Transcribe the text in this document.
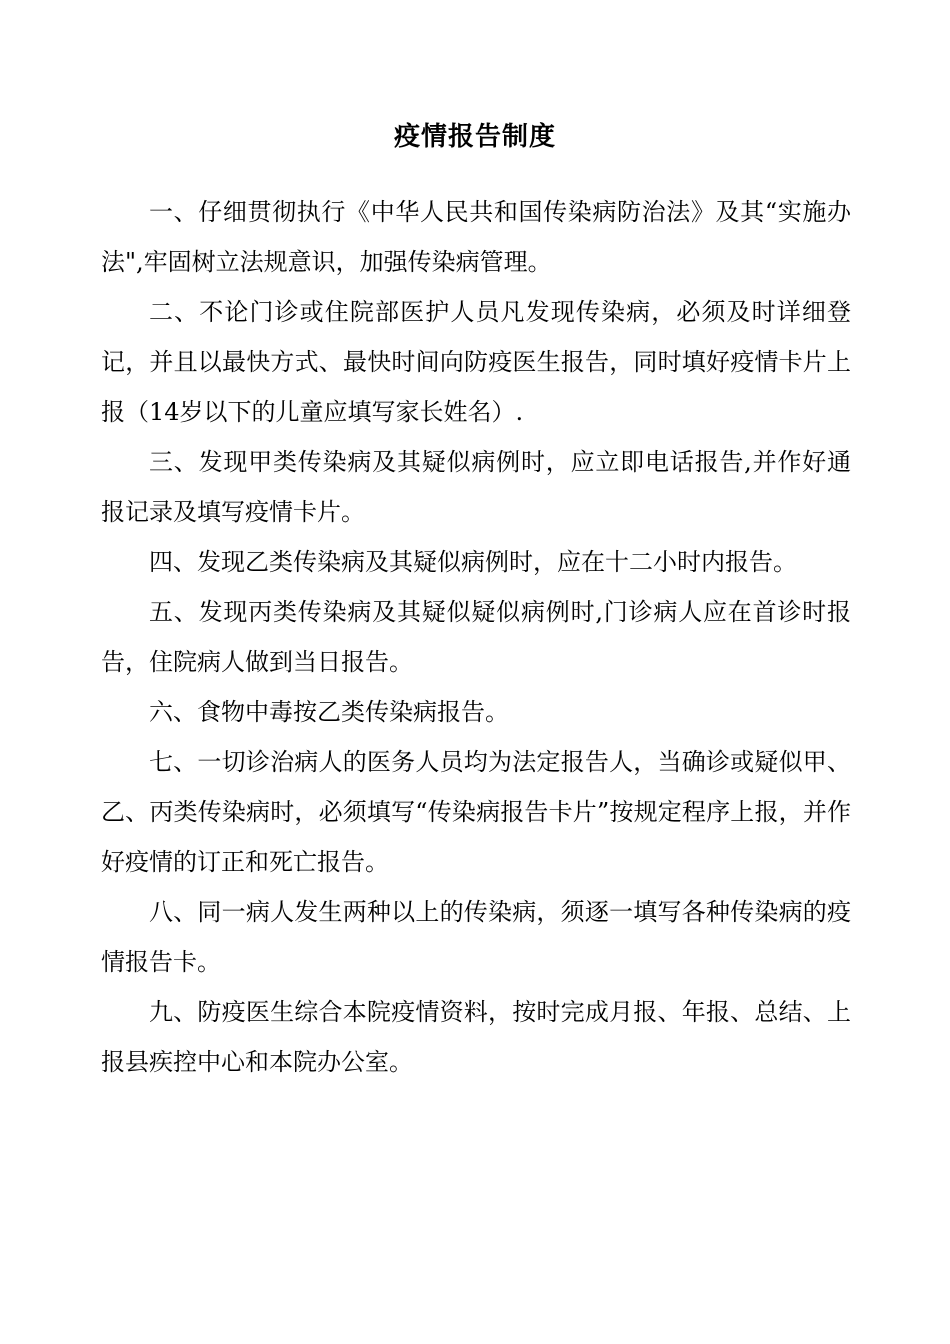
疫情报告制度

一、仔细贯彻执行《中华人民共和国传染病防治法》及其“实施办法",牢固树立法规意识，加强传染病管理。

二、不论门诊或住院部医护人员凡发现传染病，必须及时详细登记，并且以最快方式、最快时间向防疫医生报告，同时填好疫情卡片上报（14岁以下的儿童应填写家长姓名）.

三、发现甲类传染病及其疑似病例时，应立即电话报告,并作好通报记录及填写疫情卡片。

四、发现乙类传染病及其疑似病例时，应在十二小时内报告。

五、发现丙类传染病及其疑似疑似病例时,门诊病人应在首诊时报告，住院病人做到当日报告。

六、食物中毒按乙类传染病报告。

七、一切诊治病人的医务人员均为法定报告人，当确诊或疑似甲、乙、丙类传染病时，必须填写“传染病报告卡片”按规定程序上报，并作好疫情的订正和死亡报告。

八、同一病人发生两种以上的传染病，须逐一填写各种传染病的疫情报告卡。

九、防疫医生综合本院疫情资料，按时完成月报、年报、总结、上报县疾控中心和本院办公室。
